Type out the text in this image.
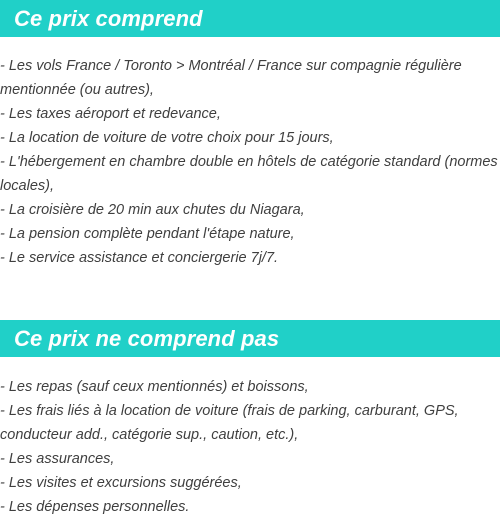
Ce prix comprend
- Les vols France / Toronto > Montréal / France sur compagnie régulière mentionnée (ou autres),
- Les taxes aéroport et redevance,
- La location de voiture de votre choix pour 15 jours,
- L'hébergement en chambre double en hôtels de catégorie standard (normes locales),
- La croisière de 20 min aux chutes du Niagara,
- La pension complète pendant l'étape nature,
- Le service assistance et conciergerie 7j/7.
Ce prix ne comprend pas
- Les repas (sauf ceux mentionnés) et boissons,
- Les frais liés à la location de voiture (frais de parking, carburant, GPS, conducteur add., catégorie sup., caution, etc.),
- Les assurances,
- Les visites et excursions suggérées,
- Les dépenses personnelles.
